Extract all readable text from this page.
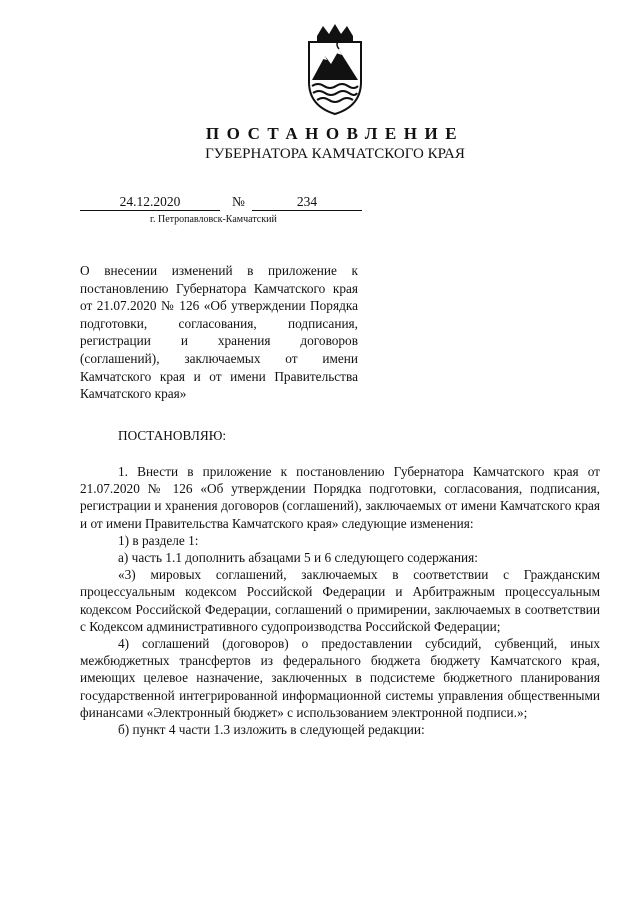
ПОСТАНОВЛЕНИЕ
ГУБЕРНАТОРА КАМЧАТСКОГО КРАЯ
24.12.2020	№	234
г. Петропавловск-Камчатский
О внесении изменений в приложение к постановлению Губернатора Камчатского края от 21.07.2020 № 126 «Об утверждении Порядка подготовки, согласования, подписания, регистрации и хранения договоров (соглашений), заключаемых от имени Камчатского края и от имени Правительства Камчатского края»
ПОСТАНОВЛЯЮ:

1. Внести в приложение к постановлению Губернатора Камчатского края от 21.07.2020 № 126 «Об утверждении Порядка подготовки, согласования, подписания, регистрации и хранения договоров (соглашений), заключаемых от имени Камчатского края и от имени Правительства Камчатского края» следующие изменения:

1) в разделе 1:

а) часть 1.1 дополнить абзацами 5 и 6 следующего содержания:

«3) мировых соглашений, заключаемых в соответствии с Гражданским процессуальным кодексом Российской Федерации и Арбитражным процессуальным кодексом Российской Федерации, соглашений о примирении, заключаемых в соответствии с Кодексом административного судопроизводства Российской Федерации;

4) соглашений (договоров) о предоставлении субсидий, субвенций, иных межбюджетных трансфертов из федерального бюджета бюджету Камчатского края, имеющих целевое назначение, заключенных в подсистеме бюджетного планирования государственной интегрированной информационной системы управления общественными финансами «Электронный бюджет» с использованием электронной подписи.»;

б) пункт 4 части 1.3 изложить в следующей редакции:
